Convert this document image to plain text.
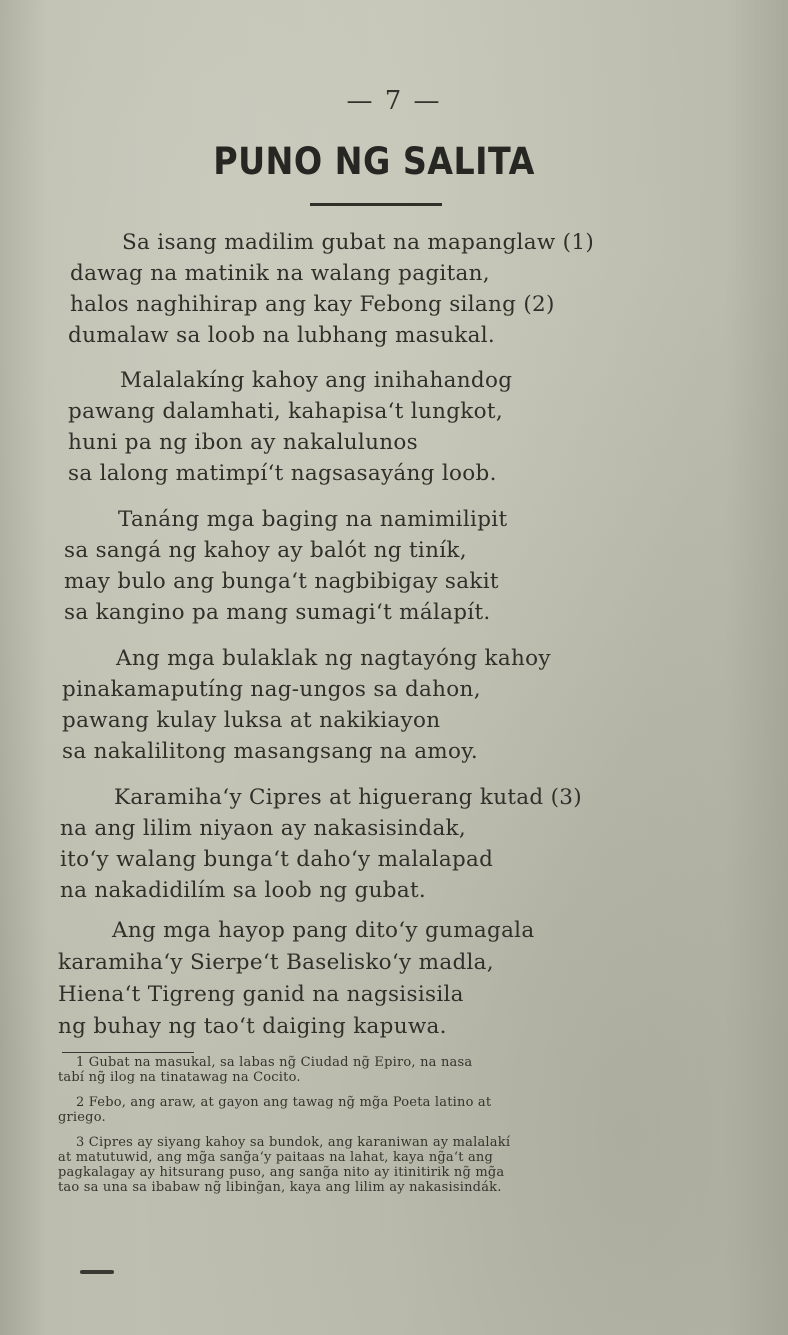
— 7 —
PUNO NG SALITA
Sa isang madilim gubat na mapanglaw (1)
dawag na matinik na walang pagitan,
halos naghihirap ang kay Febong silang (2)
dumalaw sa loob na lubhang masukal.
Malalakíng kahoy ang inihahandog
pawang dalamhati, kahapisa‘t lungkot,
huni pa ng ibon ay nakalulunos
sa lalong matimpí‘t nagsasayáng loob.
Tanáng mga baging na namimilipit
sa sangá ng kahoy ay balót ng tiník,
may bulo ang bunga‘t nagbibigay sakit
sa kangino pa mang sumagi‘t málapít.
Ang mga bulaklak ng nagtayóng kahoy
pinakamaputíng nag-ungos sa dahon,
pawang kulay luksa at nakikiayon
sa nakalilitong masangsang na amoy.
Karamiha‘y Cipres at higuerang kutad (3)
na ang lilim niyaon ay nakasisindak,
ito‘y walang bunga‘t daho‘y malalapad
na nakadidilím sa loob ng gubat.
Ang mga hayop pang dito‘y gumagala
karamiha‘y Sierpe‘t Baselisko‘y madla,
Hiena‘t Tigreng ganid na nagsisisila
ng buhay ng tao‘t daiging kapuwa.
1 Gubat na masukal, sa labas ng̃ Ciudad ng̃ Epiro, na nasa
tabí ng̃ ilog na tinatawag na Cocito.
2 Febo, ang araw, at gayon ang tawag ng̃ mg̃a Poeta latino at
griego.
3 Cipres ay siyang kahoy sa bundok, ang karaniwan ay malalakí
at matutuwid, ang mg̃a sang̃a‘y paitaas na lahat, kaya ng̃a‘t ang
pagkalagay ay hitsurang puso, ang sang̃a nito ay itinitirik ng̃ mg̃a
tao sa una sa ibabaw ng̃ libing̃an, kaya ang lilim ay nakasisindák.
